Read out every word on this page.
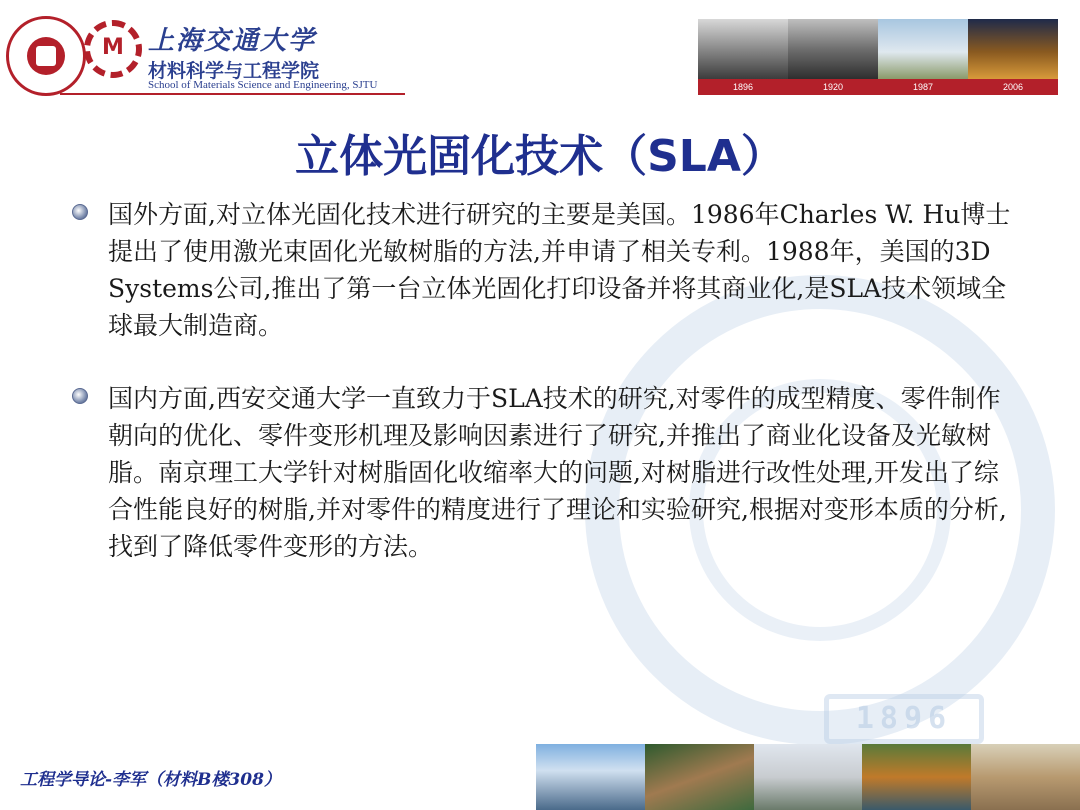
1896
M 上海交通大学
材料科学与工程学院
School of Materials Science and Engineering, SJTU	1896	1920	1987	2006
立体光固化技术（SLA）

国外方面,对立体光固化技术进行研究的主要是美国。1986年Charles W. Hu博士提出了使用激光束固化光敏树脂的方法,并申请了相关专利。1988年，美国的3D Systems公司,推出了第一台立体光固化打印设备并将其商业化,是SLA技术领域全球最大制造商。

国内方面,西安交通大学一直致力于SLA技术的研究,对零件的成型精度、零件制作朝向的优化、零件变形机理及影响因素进行了研究,并推出了商业化设备及光敏树脂。南京理工大学针对树脂固化收缩率大的问题,对树脂进行改性处理,开发出了综合性能良好的树脂,并对零件的精度进行了理论和实验研究,根据对变形本质的分析,找到了降低零件变形的方法。

工程学导论-李军（材料B楼308）
